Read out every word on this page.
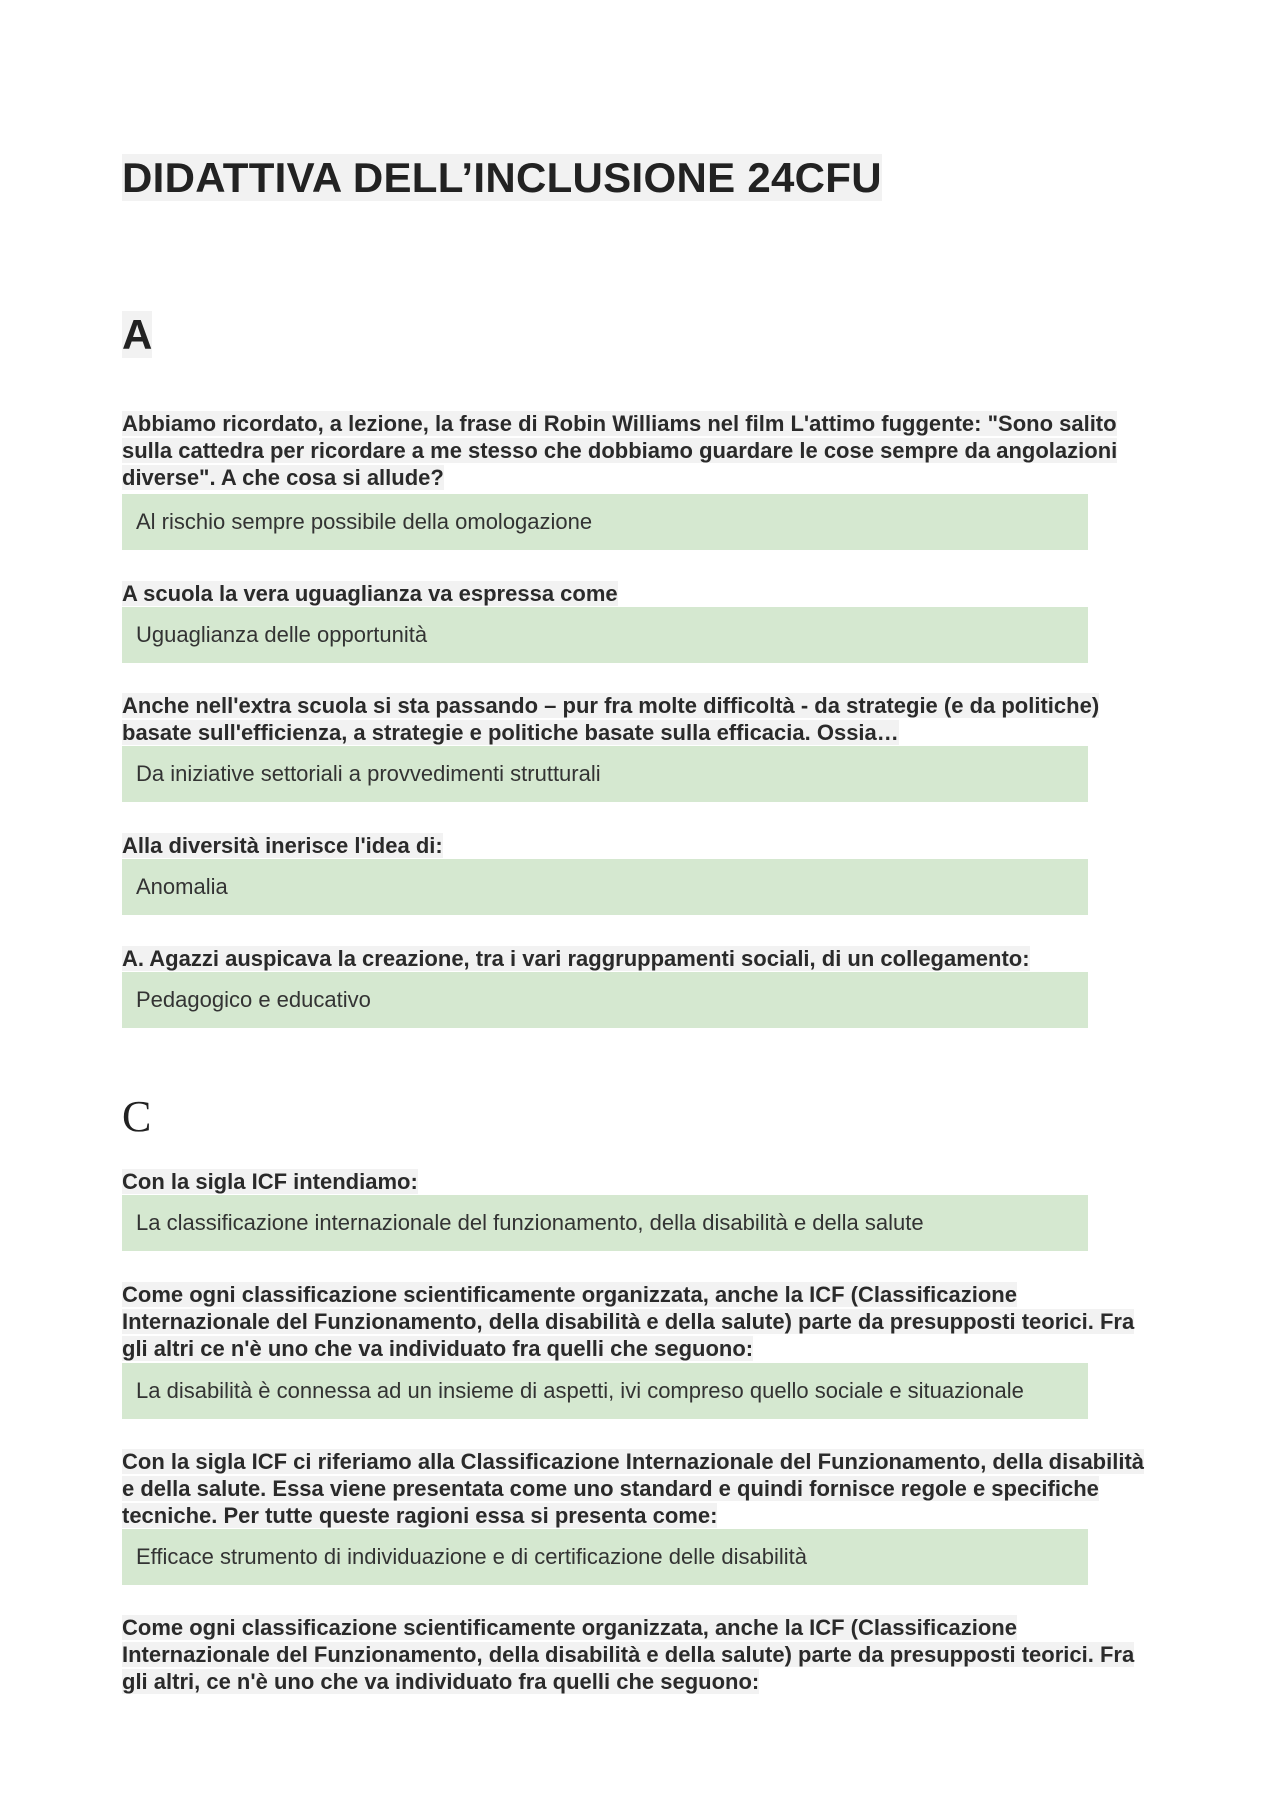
DIDATTIVA DELL’INCLUSIONE 24CFU
A
Abbiamo ricordato, a lezione, la frase di Robin Williams nel film L'attimo fuggente: "Sono salito sulla cattedra per ricordare a me stesso che dobbiamo guardare le cose sempre da angolazioni diverse". A che cosa si allude?
Al rischio sempre possibile della omologazione
A scuola la vera uguaglianza va espressa come
Uguaglianza delle opportunità
Anche nell'extra scuola si sta passando – pur fra molte difficoltà - da strategie (e da politiche) basate sull'efficienza, a strategie e politiche basate sulla efficacia. Ossia…
Da iniziative settoriali a provvedimenti strutturali
Alla diversità inerisce l'idea di:
Anomalia
A. Agazzi auspicava la creazione, tra i vari raggruppamenti sociali, di un collegamento:
Pedagogico e educativo
C
Con la sigla ICF intendiamo:
La classificazione internazionale del funzionamento, della disabilità e della salute
Come ogni classificazione scientificamente organizzata, anche la ICF (Classificazione Internazionale del Funzionamento, della disabilità e della salute) parte da presupposti teorici. Fra gli altri ce n'è uno che va individuato fra quelli che seguono:
La disabilità è connessa ad un insieme di aspetti, ivi compreso quello sociale e situazionale
Con la sigla ICF ci riferiamo alla Classificazione Internazionale del Funzionamento, della disabilità e della salute. Essa viene presentata come uno standard e quindi fornisce regole e specifiche tecniche. Per tutte queste ragioni essa si presenta come:
Efficace strumento di individuazione e di certificazione delle disabilità
Come ogni classificazione scientificamente organizzata, anche la ICF (Classificazione Internazionale del Funzionamento, della disabilità e della salute) parte da presupposti teorici. Fra gli altri, ce n'è uno che va individuato fra quelli che seguono:
